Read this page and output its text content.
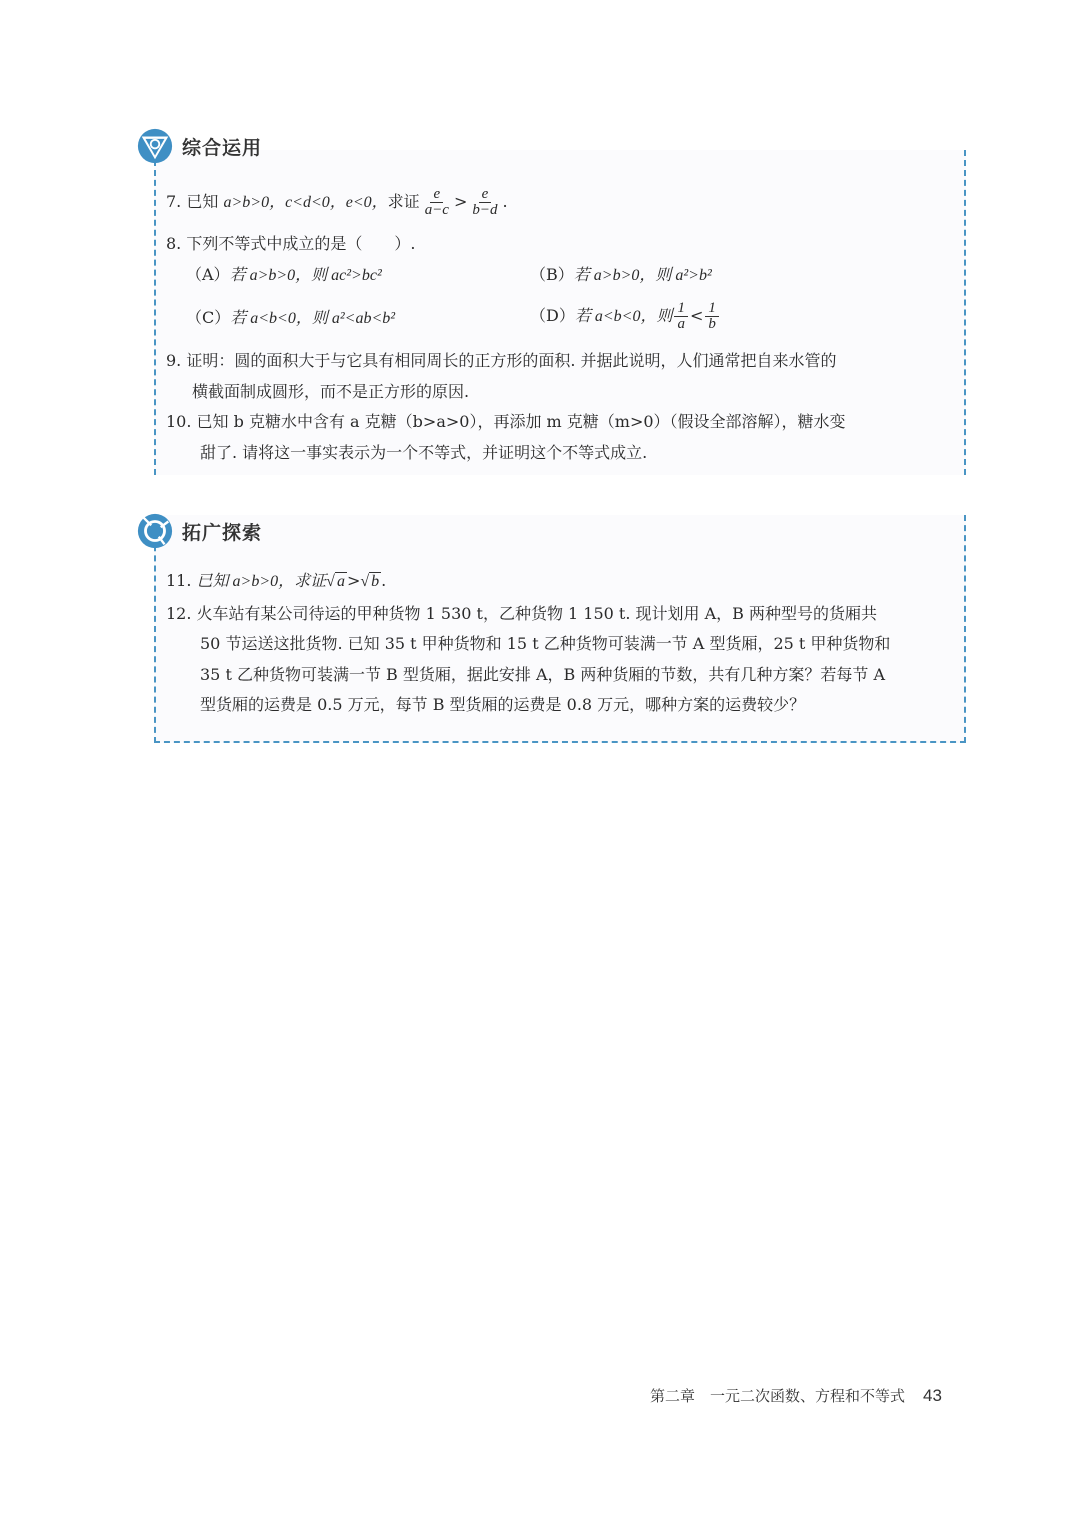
综合运用
7. 已知 a>b>0，c<d<0，e<0，求证 $\frac{e}{a-c} > \frac{e}{b-d}$ .
8. 下列不等式中成立的是（　　）.
（A）若 a>b>0，则 ac²>bc²	（B）若 a>b>0，则 a²>b²
（C）若 a<b<0，则 a²<ab<b²	（D）若 a<b<0，则 $\frac{1}{a} < \frac{1}{b}$
9. 证明：圆的面积大于与它具有相同周长的正方形的面积. 并据此说明，人们通常把自来水管的
横截面制成圆形，而不是正方形的原因.
10. 已知 b 克糖水中含有 a 克糖（b>a>0），再添加 m 克糖（m>0）（假设全部溶解），糖水变
甜了. 请将这一事实表示为一个不等式，并证明这个不等式成立.
拓广探索
11. 已知 a>b>0，求证√ a >√ b .
12. 火车站有某公司待运的甲种货物 1 530 t，乙种货物 1 150 t. 现计划用 A，B 两种型号的货厢共
50 节运送这批货物. 已知 35 t 甲种货物和 15 t 乙种货物可装满一节 A 型货厢，25 t 甲种货物和
35 t 乙种货物可装满一节 B 型货厢，据此安排 A，B 两种货厢的节数，共有几种方案？若每节 A
型货厢的运费是 0.5 万元，每节 B 型货厢的运费是 0.8 万元，哪种方案的运费较少？
第二章　一元二次函数、方程和不等式 43
